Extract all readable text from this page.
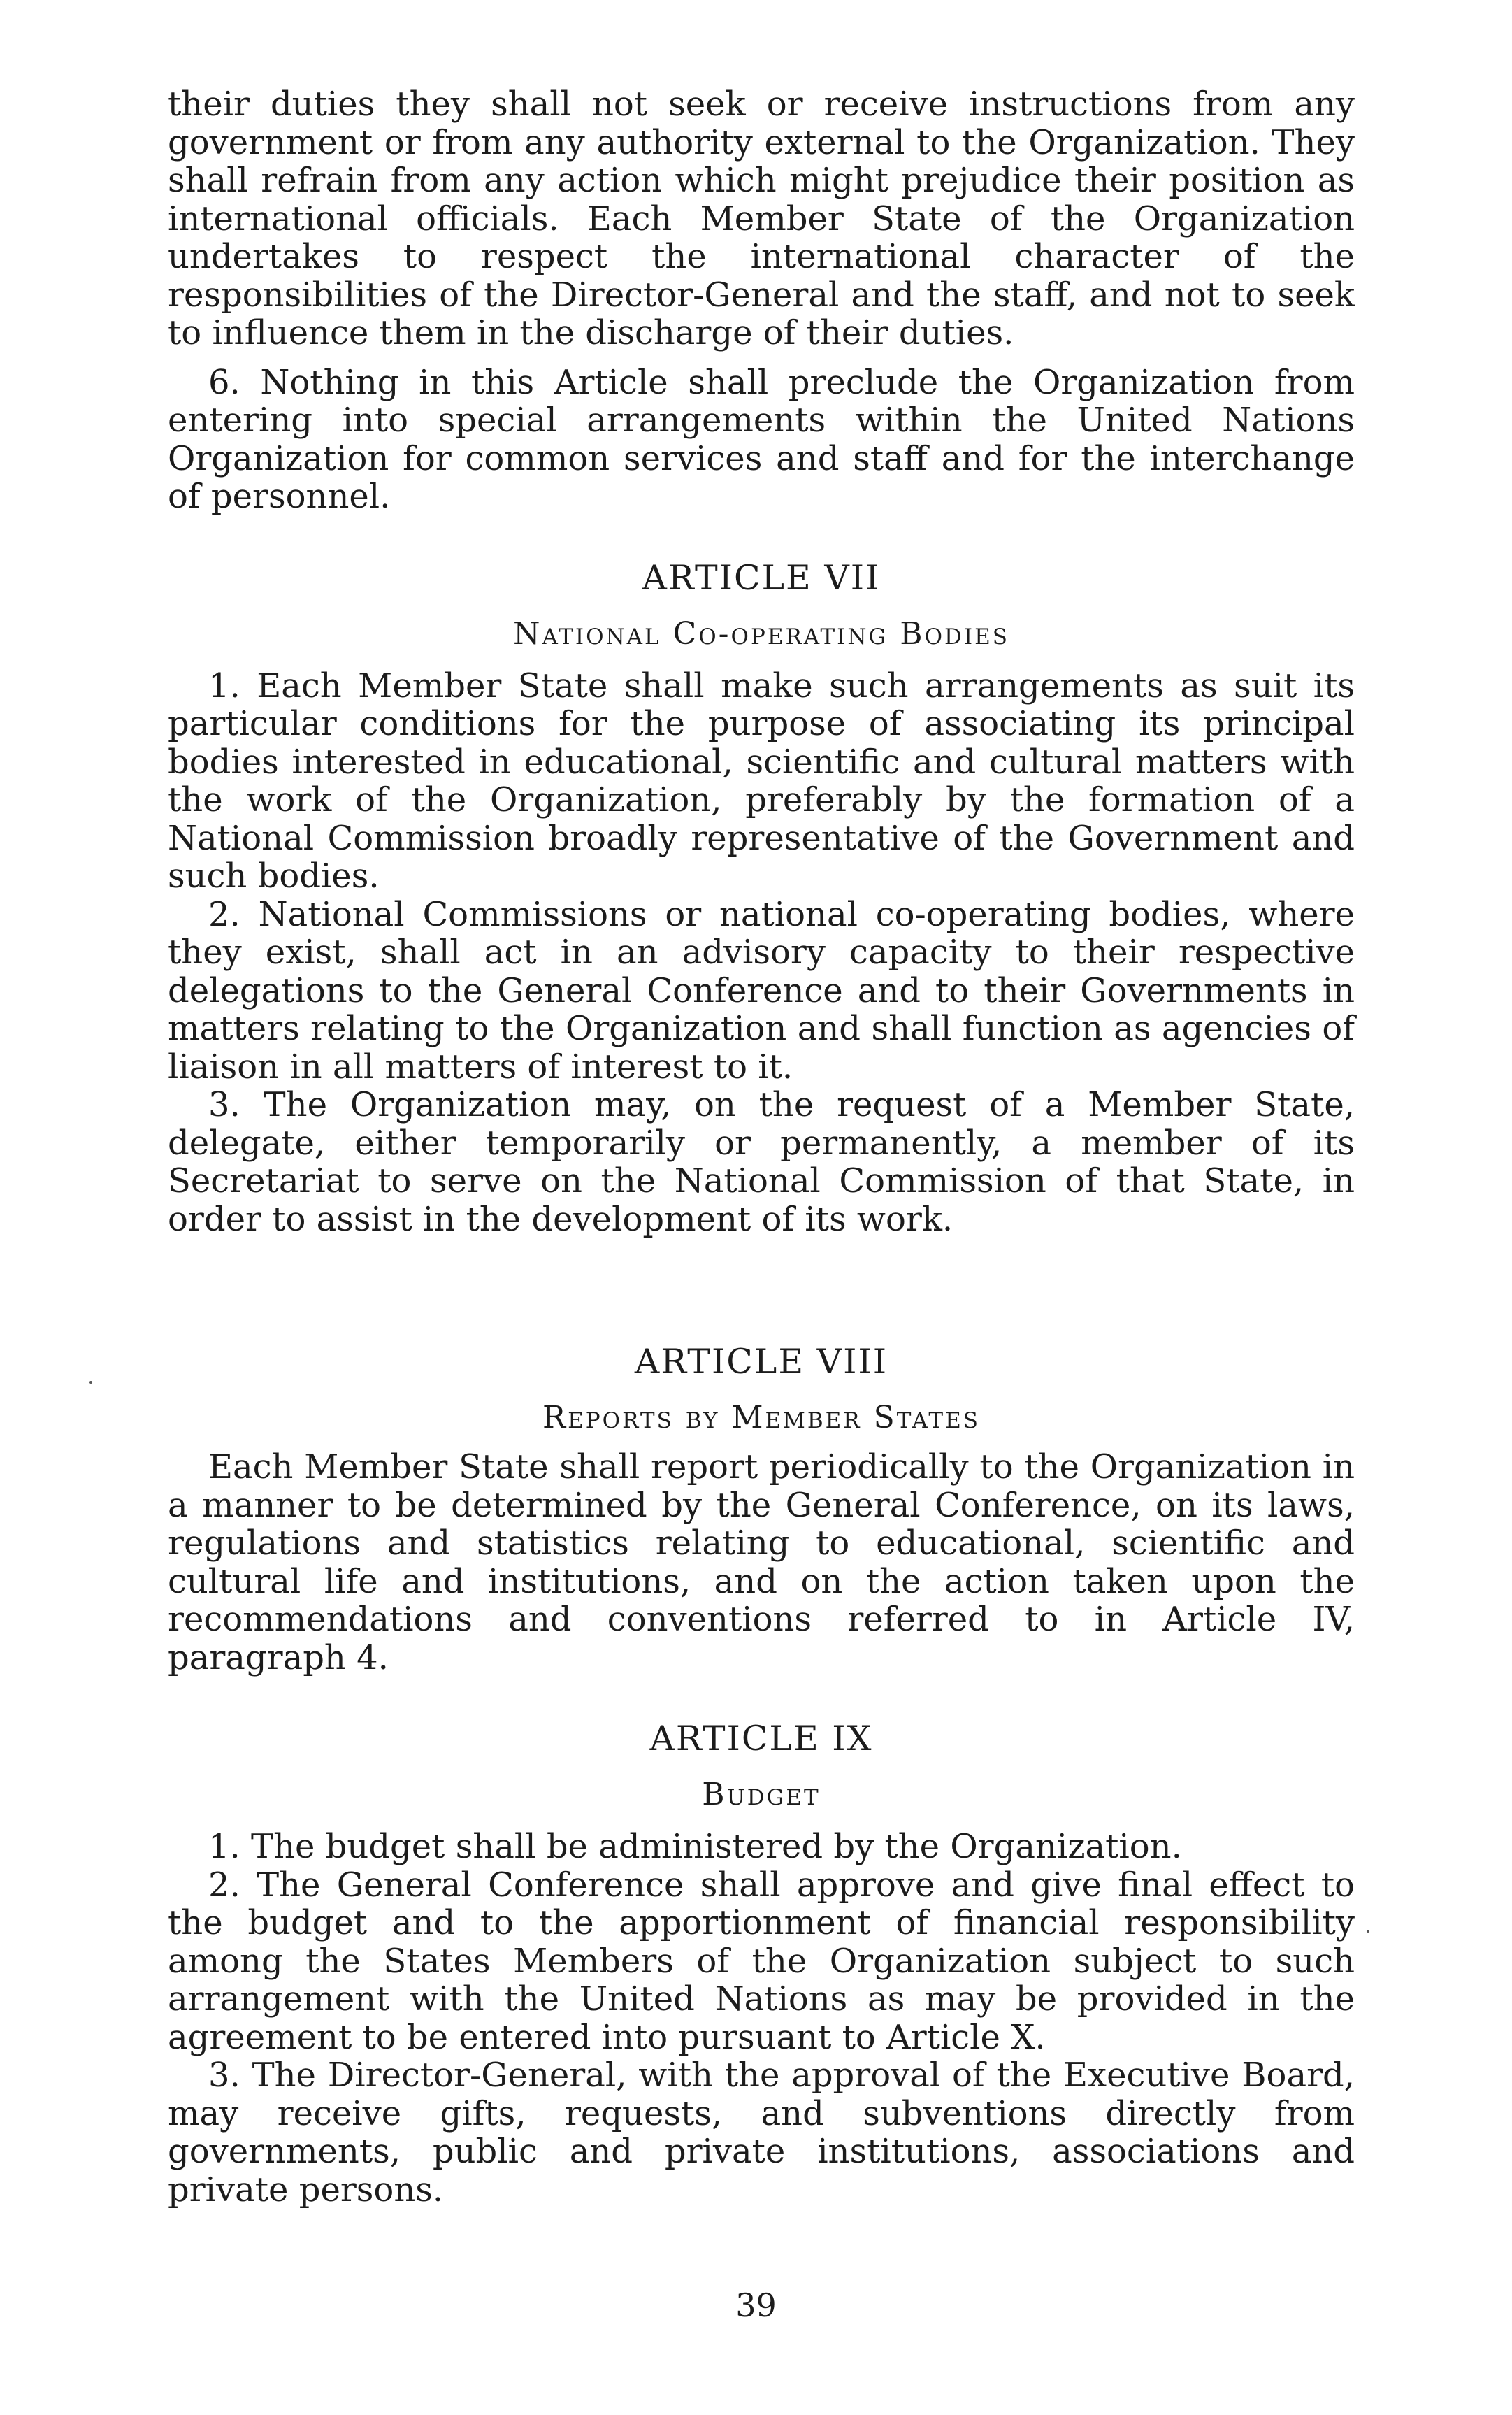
their duties they shall not seek or receive instructions from any government or from any authority external to the Organization. They shall refrain from any action which might prejudice their position as international officials. Each Member State of the Organization undertakes to respect the international character of the responsibilities of the Director-General and the staff, and not to seek to influence them in the discharge of their duties.

6. Nothing in this Article shall preclude the Organization from entering into special arrangements within the United Nations Organization for common services and staff and for the interchange of personnel.

ARTICLE VII
National Co-operating Bodies

1. Each Member State shall make such arrangements as suit its particular conditions for the purpose of associating its principal bodies interested in educational, scientific and cultural matters with the work of the Organization, preferably by the formation of a National Commission broadly representative of the Government and such bodies.

2. National Commissions or national co-operating bodies, where they exist, shall act in an advisory capacity to their respective delegations to the General Conference and to their Governments in matters relating to the Organization and shall function as agencies of liaison in all matters of interest to it.

3. The Organization may, on the request of a Member State, delegate, either temporarily or permanently, a member of its Secretariat to serve on the National Commission of that State, in order to assist in the development of its work.

ARTICLE VIII
Reports by Member States

Each Member State shall report periodically to the Organization in a manner to be determined by the General Conference, on its laws, regulations and statistics relating to educational, scientific and cultural life and institutions, and on the action taken upon the recommendations and conventions referred to in Article IV, paragraph 4.

ARTICLE IX
Budget

1. The budget shall be administered by the Organization.

2. The General Conference shall approve and give final effect to the budget and to the apportionment of financial responsibility among the States Members of the Organization subject to such arrangement with the United Nations as may be provided in the agreement to be entered into pursuant to Article X.

3. The Director-General, with the approval of the Executive Board, may receive gifts, requests, and subventions directly from governments, public and private institutions, associations and private persons.

39
